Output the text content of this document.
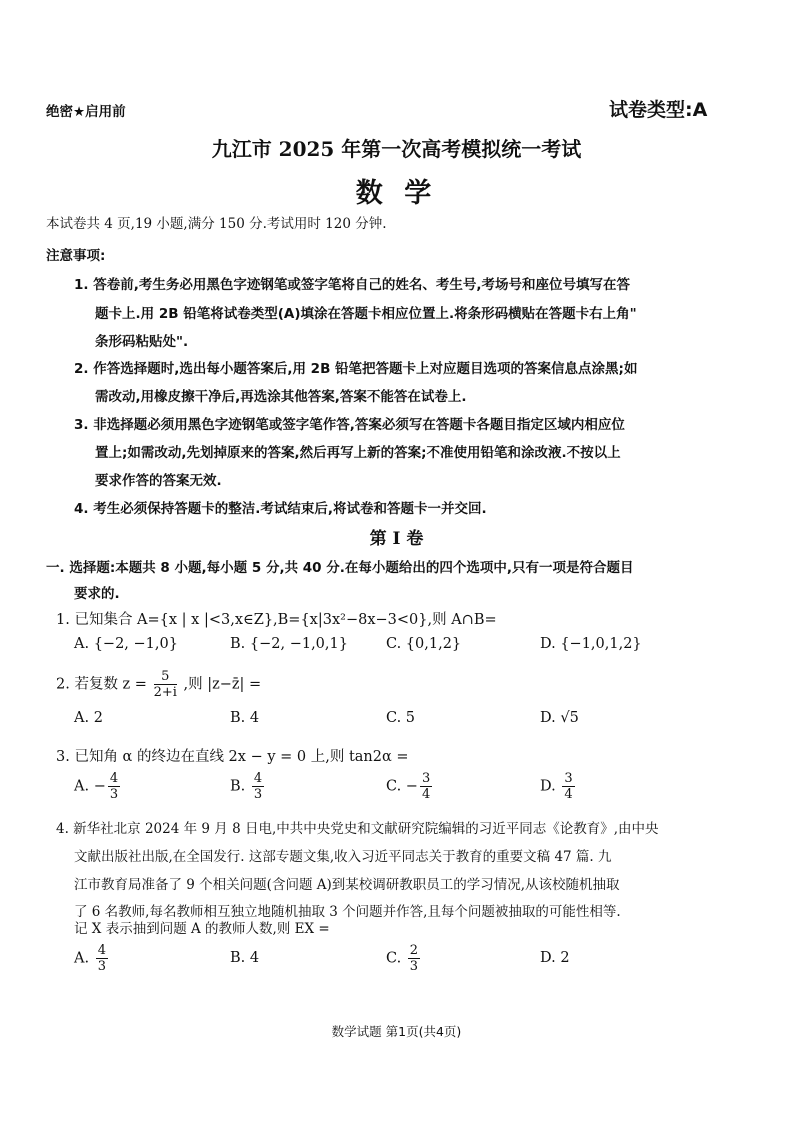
绝密★启用前	试卷类型:A
九江市 2025 年第一次高考模拟统一考试
数 学
本试卷共 4 页,19 小题,满分 150 分.考试用时 120 分钟.
注意事项:
1. 答卷前,考生务必用黑色字迹钢笔或签字笔将自己的姓名、考生号,考场号和座位号填写在答
题卡上.用 2B 铅笔将试卷类型(A)填涂在答题卡相应位置上.将条形码横贴在答题卡右上角"
条形码粘贴处".
2. 作答选择题时,选出每小题答案后,用 2B 铅笔把答题卡上对应题目选项的答案信息点涂黑;如
需改动,用橡皮擦干净后,再选涂其他答案,答案不能答在试卷上.
3. 非选择题必须用黑色字迹钢笔或签字笔作答,答案必须写在答题卡各题目指定区域内相应位
置上;如需改动,先划掉原来的答案,然后再写上新的答案;不准使用铅笔和涂改液.不按以上
要求作答的答案无效.
4. 考生必须保持答题卡的整洁.考试结束后,将试卷和答题卡一并交回.
第 Ⅰ 卷
一. 选择题:本题共 8 小题,每小题 5 分,共 40 分.在每小题给出的四个选项中,只有一项是符合题目
要求的.
1. 已知集合 A={x | x |<3,x∈Z},B={x|3x²−8x−3<0},则 A∩B=
A. {−2, −1,0}	B. {−2, −1,0,1}	C. {0,1,2}	D. {−1,0,1,2}
2. 若复数 $z = \frac{5}{2+i}$ ,则 |z−z̄| =
A. 2	B. 4	C. 5	D. √5
3. 已知角 α 的终边在直线 2x − y = 0 上,则 tan2α =
A. − $\frac{4}{3}$	B. $\frac{4}{3}$	C. − $\frac{3}{4}$	D. $\frac{3}{4}$
4. 新华社北京 2024 年 9 月 8 日电,中共中央党史和文献研究院编辑的习近平同志《论教育》,由中央
文献出版社出版,在全国发行. 这部专题文集,收入习近平同志关于教育的重要文稿 47 篇. 九
江市教育局准备了 9 个相关问题(含问题 A)到某校调研教职员工的学习情况,从该校随机抽取
了 6 名教师,每名教师相互独立地随机抽取 3 个问题并作答,且每个问题被抽取的可能性相等.
记 X 表示抽到问题 A 的教师人数,则 EX =
A. $\frac{4}{3}$	B. 4	C. $\frac{2}{3}$	D. 2
数学试题 第1页(共4页)
